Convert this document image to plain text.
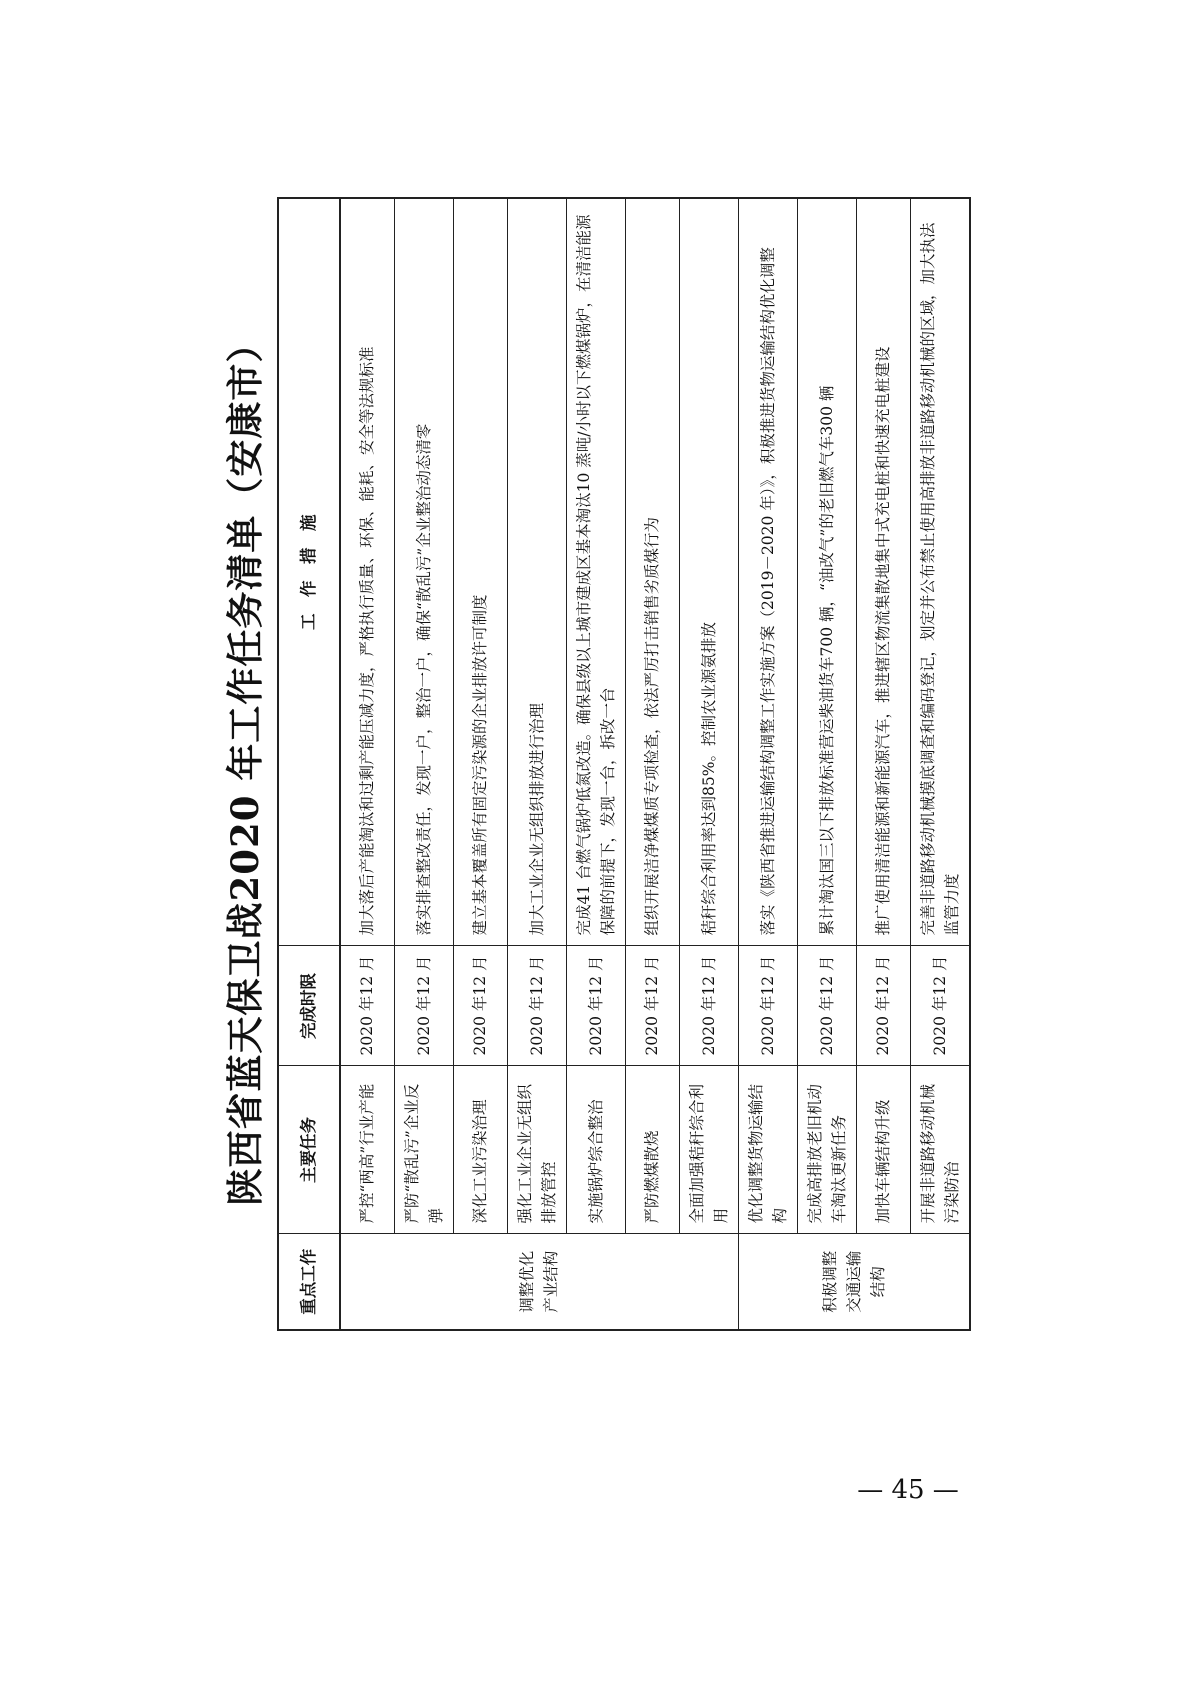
陕西省蓝天保卫战2020 年工作任务清单（安康市）
重点工作	主要任务	完成时限	工　作　措　施
调整优化产业结构	严控“两高”行业产能	2020 年12 月	加大落后产能淘汰和过剩产能压减力度，严格执行质量、环保、能耗、安全等法规标准
	严防“散乱污”企业反弹	2020 年12 月	落实排查整改责任，发现一户，整治一户，确保“散乱污”企业整治动态清零
	深化工业污染治理	2020 年12 月	建立基本覆盖所有固定污染源的企业排放许可制度
	强化工业企业无组织排放管控	2020 年12 月	加大工业企业无组织排放进行治理
	实施锅炉综合整治	2020 年12 月	完成41 台燃气锅炉低氮改造。确保县级以上城市建成区基本淘汰10 蒸吨/小时以下燃煤锅炉，在清洁能源保障的前提下，发现一台，拆改一台
	严防燃煤散烧	2020 年12 月	组织开展洁净煤煤质专项检查，依法严厉打击销售劣质煤行为
	全面加强秸秆综合利用	2020 年12 月	秸秆综合利用率达到85%。控制农业源氨排放
积极调整交通运输结构	优化调整货物运输结构	2020 年12 月	落实《陕西省推进运输结构调整工作实施方案（2019－2020 年）》，积极推进货物运输结构优化调整
	完成高排放老旧机动车淘汰更新任务	2020 年12 月	累计淘汰国三以下排放标准营运柴油货车700 辆，“油改气”的老旧燃气车300 辆
	加快车辆结构升级	2020 年12 月	推广使用清洁能源和新能源汽车，推进辖区物流集散地集中式充电桩和快速充电桩建设
	开展非道路移动机械污染防治	2020 年12 月	完善非道路移动机械摸底调查和编码登记，划定并公布禁止使用高排放非道路移动机械的区域，加大执法监管力度
— 45 —
